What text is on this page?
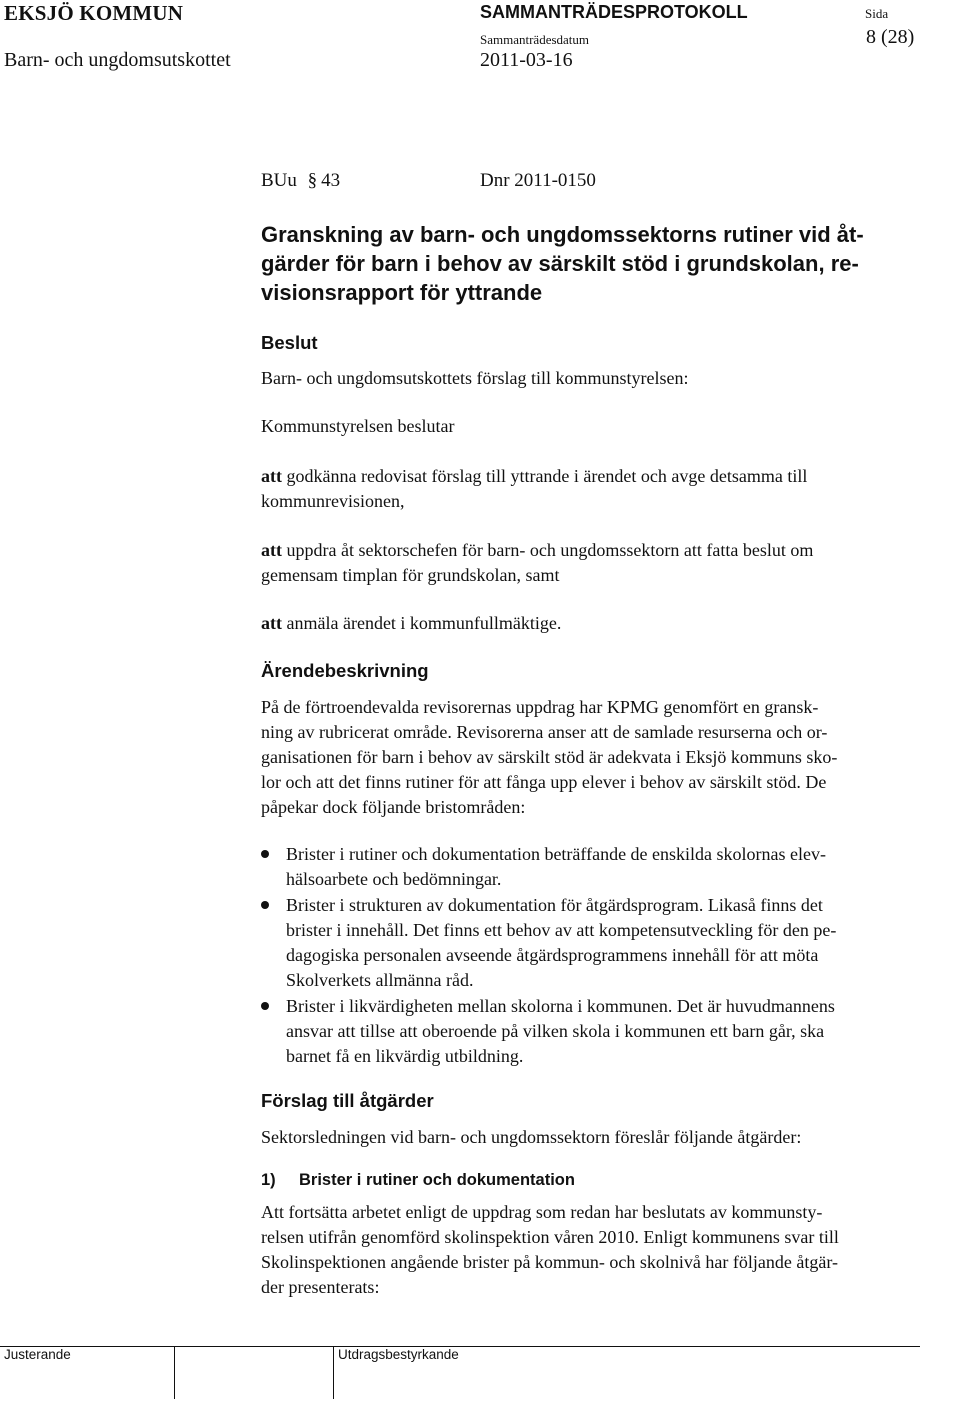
EKSJÖ KOMMUN	SAMMANTRÄDESPROTOKOLL	Sida
8 (28)
Barn- och ungdomsutskottet
Sammanträdesdatum
2011-03-16
BUu § 43	Dnr 2011-0150
Granskning av barn- och ungdomssektorns rutiner vid åt-
gärder för barn i behov av särskilt stöd i grundskolan, re-
visionsrapport för yttrande
Beslut

Barn- och ungdomsutskottets förslag till kommunstyrelsen:

Kommunstyrelsen beslutar

att godkänna redovisat förslag till yttrande i ärendet och avge detsamma till

kommunrevisionen,

att uppdra åt sektorschefen för barn- och ungdomssektorn att fatta beslut om

gemensam timplan för grundskolan, samt

att anmäla ärendet i kommunfullmäktige.

Ärendebeskrivning

På de förtroendevalda revisorernas uppdrag har KPMG genomfört en gransk-

ning av rubricerat område. Revisorerna anser att de samlade resurserna och or-

ganisationen för barn i behov av särskilt stöd är adekvata i Eksjö kommuns sko-

lor och att det finns rutiner för att fånga upp elever i behov av särskilt stöd. De

påpekar dock följande bristområden:

Brister i rutiner och dokumentation beträffande de enskilda skolornas elev-

hälsoarbete och bedömningar.

Brister i strukturen av dokumentation för åtgärdsprogram. Likaså finns det

brister i innehåll. Det finns ett behov av att kompetensutveckling för den pe-

dagogiska personalen avseende åtgärdsprogrammens innehåll för att möta

Skolverkets allmänna råd.

Brister i likvärdigheten mellan skolorna i kommunen. Det är huvudmannens

ansvar att tillse att oberoende på vilken skola i kommunen ett barn går, ska

barnet få en likvärdig utbildning.

Förslag till åtgärder

Sektorsledningen vid barn- och ungdomssektorn föreslår följande åtgärder:

1) Brister i rutiner och dokumentation

Att fortsätta arbetet enligt de uppdrag som redan har beslutats av kommunsty-

relsen utifrån genomförd skolinspektion våren 2010. Enligt kommunens svar till

Skolinspektionen angående brister på kommun- och skolnivå har följande åtgär-

der presenterats:

Justerande	Utdragsbestyrkande
